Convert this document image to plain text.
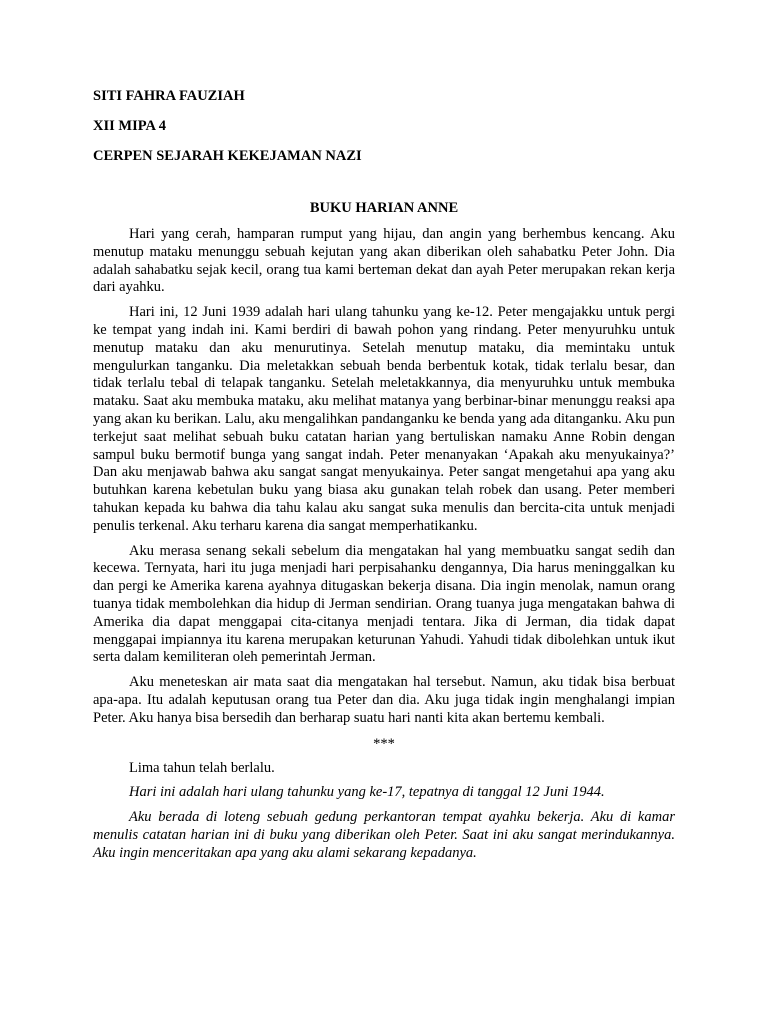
SITI FAHRA FAUZIAH
XII MIPA 4
CERPEN SEJARAH KEKEJAMAN NAZI
BUKU HARIAN ANNE

Hari yang cerah, hamparan rumput yang hijau, dan angin yang berhembus kencang. Aku menutup mataku menunggu sebuah kejutan yang akan diberikan oleh sahabatku Peter John. Dia adalah sahabatku sejak kecil, orang tua kami berteman dekat dan ayah Peter merupakan rekan kerja dari ayahku.

Hari ini, 12 Juni 1939 adalah hari ulang tahunku yang ke-12. Peter mengajakku untuk pergi ke tempat yang indah ini. Kami berdiri di bawah pohon yang rindang. Peter menyuruhku untuk menutup mataku dan aku menurutinya. Setelah menutup mataku, dia memintaku untuk mengulurkan tanganku. Dia meletakkan sebuah benda berbentuk kotak, tidak terlalu besar, dan tidak terlalu tebal di telapak tanganku. Setelah meletakkannya, dia menyuruhku untuk membuka mataku. Saat aku membuka mataku, aku melihat matanya yang berbinar-binar menunggu reaksi apa yang akan ku berikan. Lalu, aku mengalihkan pandanganku ke benda yang ada ditanganku. Aku pun terkejut saat melihat sebuah buku catatan harian yang bertuliskan namaku Anne Robin dengan sampul buku bermotif bunga yang sangat indah. Peter menanyakan ‘Apakah aku menyukainya?’ Dan aku menjawab bahwa aku sangat sangat menyukainya. Peter sangat mengetahui apa yang aku butuhkan karena kebetulan buku yang biasa aku gunakan telah robek dan usang. Peter memberi tahukan kepada ku bahwa dia tahu kalau aku sangat suka menulis dan bercita-cita untuk menjadi penulis terkenal. Aku terharu karena dia sangat memperhatikanku.

Aku merasa senang sekali sebelum dia mengatakan hal yang membuatku sangat sedih dan kecewa. Ternyata, hari itu juga menjadi hari perpisahanku dengannya, Dia harus meninggalkan ku dan pergi ke Amerika karena ayahnya ditugaskan bekerja disana. Dia ingin menolak, namun orang tuanya tidak membolehkan dia hidup di Jerman sendirian. Orang tuanya juga mengatakan bahwa di Amerika dia dapat menggapai cita-citanya menjadi tentara. Jika di Jerman, dia tidak dapat menggapai impiannya itu karena merupakan keturunan Yahudi. Yahudi tidak dibolehkan untuk ikut serta dalam kemiliteran oleh pemerintah Jerman.

Aku meneteskan air mata saat dia mengatakan hal tersebut. Namun, aku tidak bisa berbuat apa-apa. Itu adalah keputusan orang tua Peter dan dia. Aku juga tidak ingin menghalangi impian Peter. Aku hanya bisa bersedih dan berharap suatu hari nanti kita akan bertemu kembali.

***

Lima tahun telah berlalu.

Hari ini adalah hari ulang tahunku yang ke-17, tepatnya di tanggal 12 Juni 1944.

Aku berada di loteng sebuah gedung perkantoran tempat ayahku bekerja. Aku di kamar menulis catatan harian ini di buku yang diberikan oleh Peter. Saat ini aku sangat merindukannya. Aku ingin menceritakan apa yang aku alami sekarang kepadanya.
